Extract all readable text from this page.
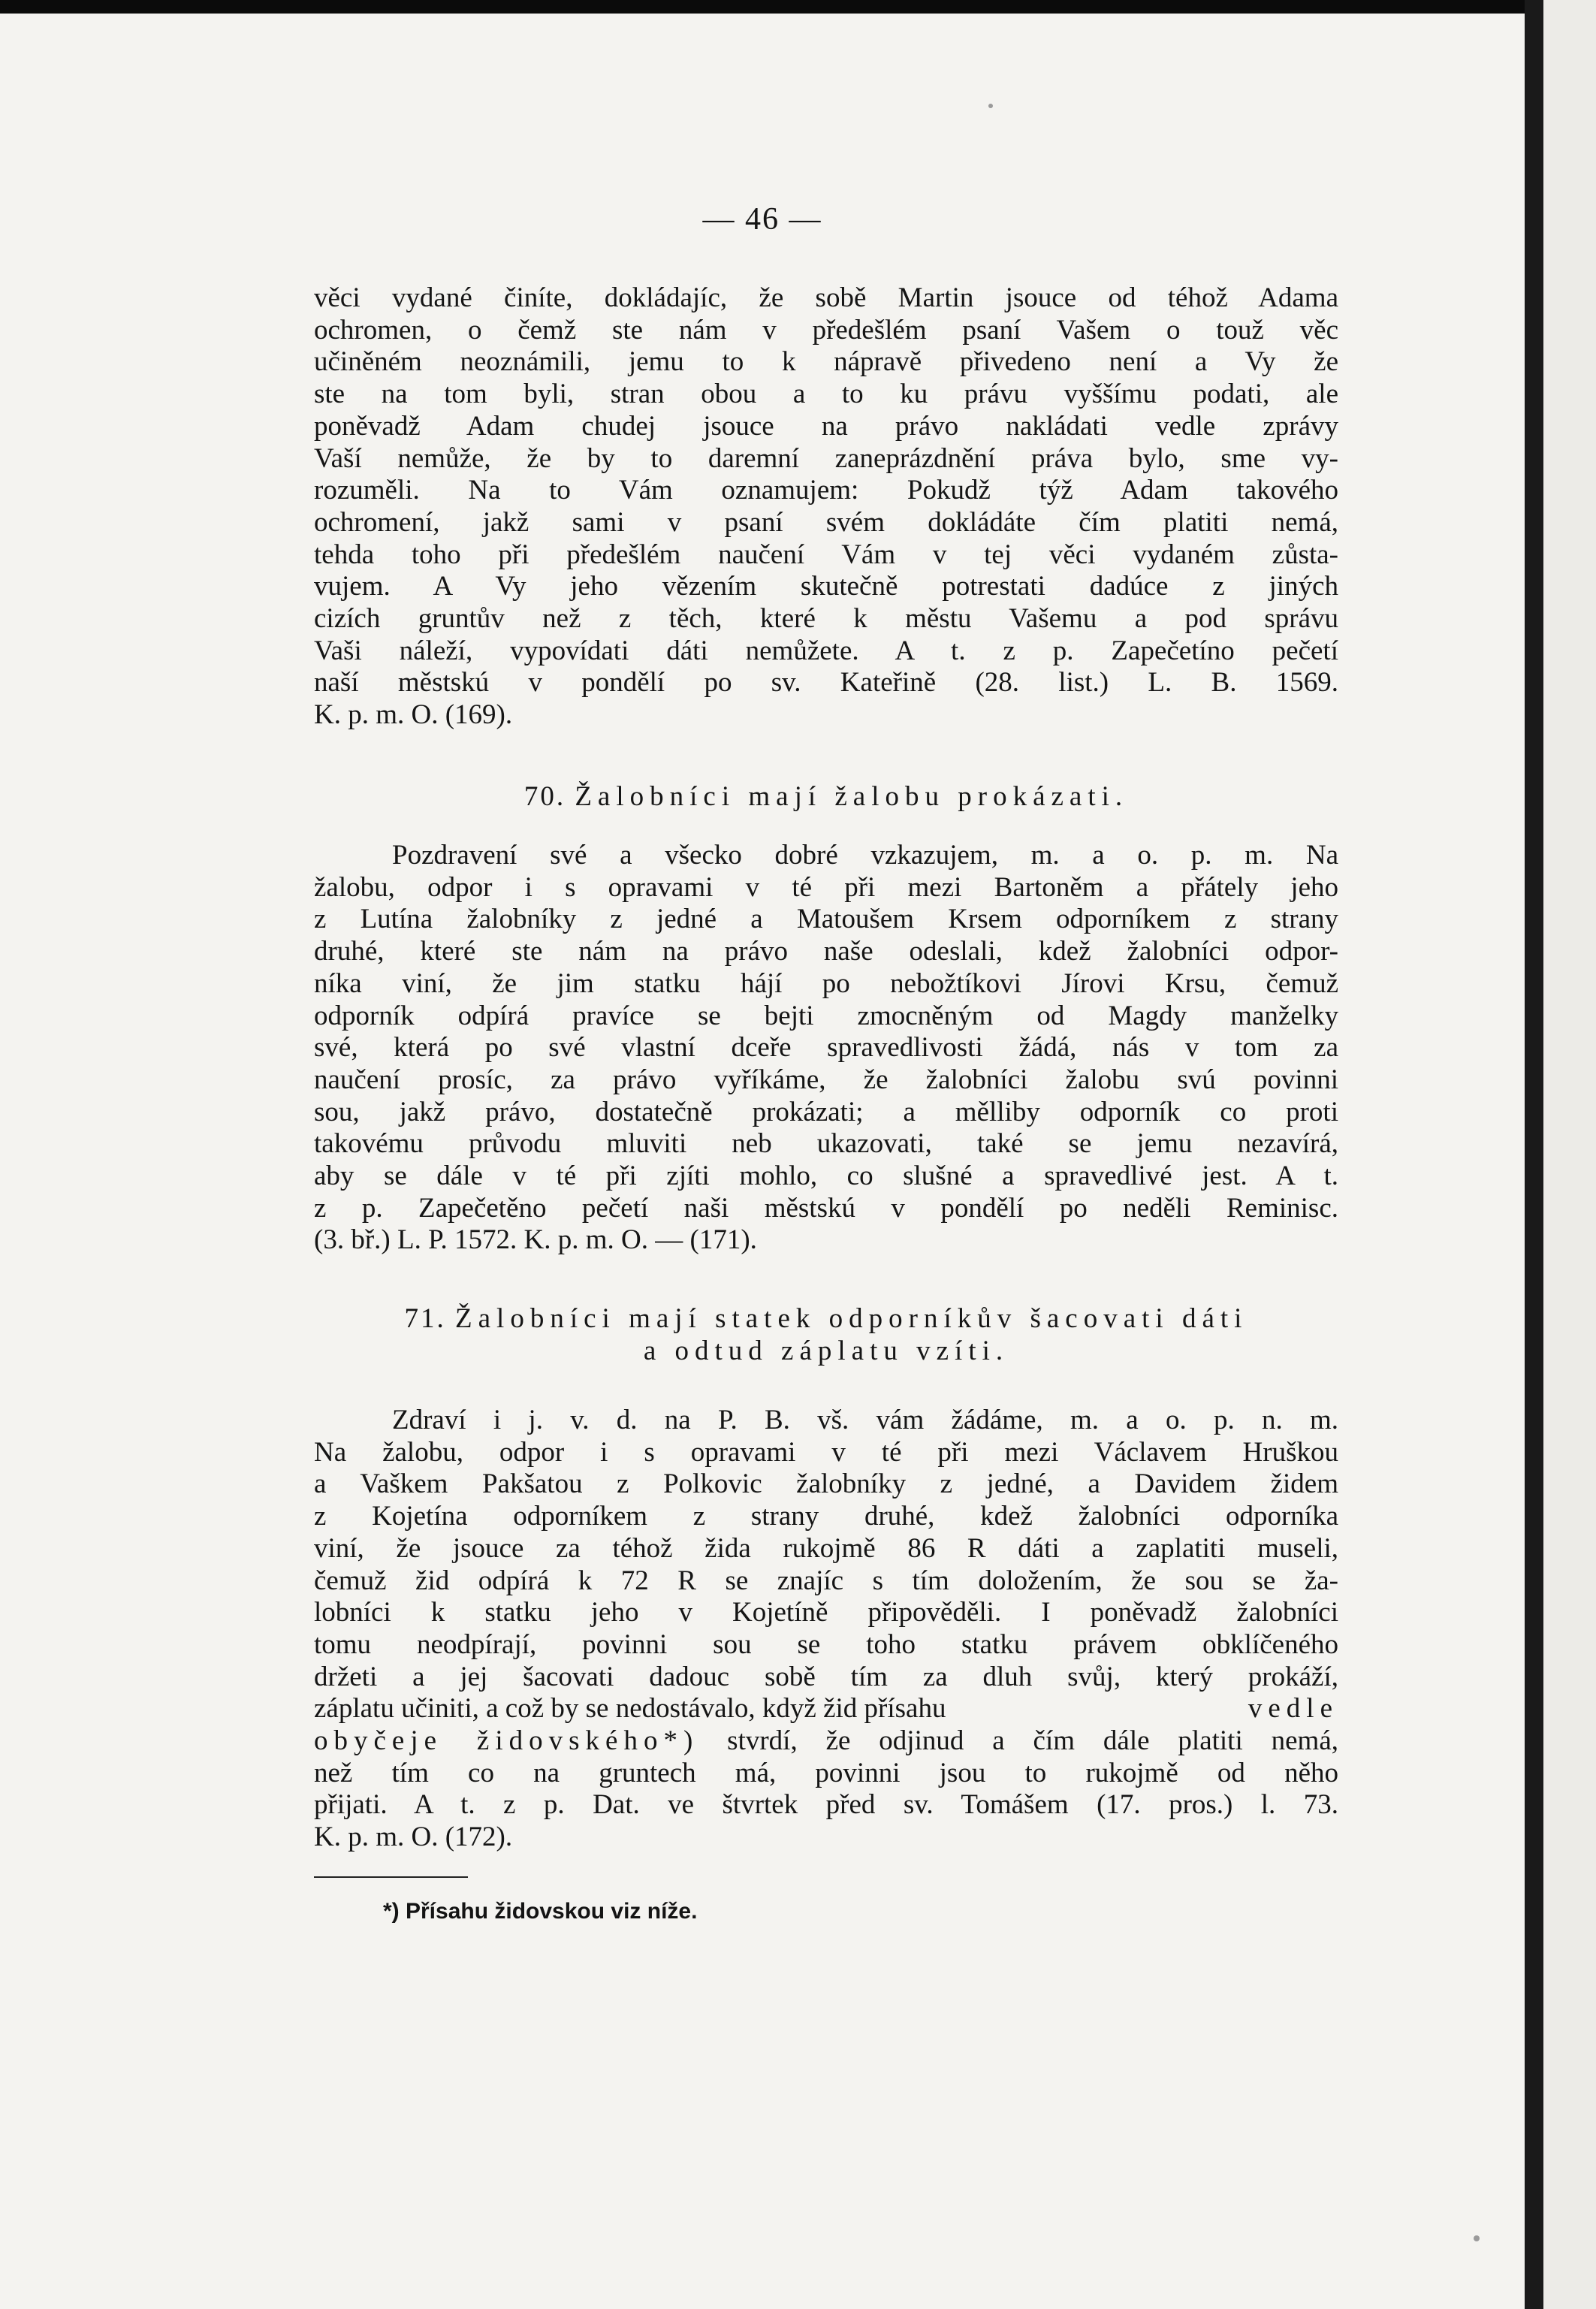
— 46 —
věci vydané činíte, dokládajíc, že sobě Martin jsouce od téhož Adama
ochromen, o čemž ste nám v předešlém psaní Vašem o touž věc
učiněném neoznámili, jemu to k nápravě přivedeno není a Vy že
ste na tom byli, stran obou a to ku právu vyššímu podati, ale
poněvadž Adam chudej jsouce na právo nakládati vedle zprávy
Vaší nemůže, že by to daremní zaneprázdnění práva bylo, sme vy-
rozuměli. Na to Vám oznamujem: Pokudž týž Adam takového
ochromení, jakž sami v psaní svém dokládáte čím platiti nemá,
tehda toho při předešlém naučení Vám v tej věci vydaném zůsta-
vujem. A Vy jeho vězením skutečně potrestati dadúce z jiných
cizích gruntův než z těch, které k městu Vašemu a pod správu
Vaši náleží, vypovídati dáti nemůžete. A t. z p. Zapečetíno pečetí
naší městskú v pondělí po sv. Kateřině (28. list.) L. B. 1569.
K. p. m. O. (169).
70. Žalobníci mají žalobu prokázati.
Pozdravení své a všecko dobré vzkazujem, m. a o. p. m. Na
žalobu, odpor i s opravami v té při mezi Bartoněm a přátely jeho
z Lutína žalobníky z jedné a Matoušem Krsem odporníkem z strany
druhé, které ste nám na právo naše odeslali, kdež žalobníci odpor-
níka viní, že jim statku hájí po nebožtíkovi Jírovi Krsu, čemuž
odporník odpírá pravíce se bejti zmocněným od Magdy manželky
své, která po své vlastní dceře spravedlivosti žádá, nás v tom za
naučení prosíc, za právo vyříkáme, že žalobníci žalobu svú povinni
sou, jakž právo, dostatečně prokázati; a měllibу odporník co proti
takovému průvodu mluviti neb ukazovati, také se jemu nezavírá,
aby se dále v té při zjíti mohlo, co slušné a spravedlivé jest. A t.
z p. Zapečetěno pečetí naši městskú v pondělí po neděli Reminisc.
(3. bř.) L. P. 1572. K. p. m. O. — (171).
71. Žalobníci mají statek odporníkův šacovati dáti
a odtud záplatu vzíti.
Zdraví i j. v. d. na P. B. vš. vám žádáme, m. a o. p. n. m.
Na žalobu, odpor i s opravami v té při mezi Václavem Hruškou
a Vaškem Pakšatou z Polkovic žalobníky z jedné, a Davidem židem
z Kojetína odporníkem z strany druhé, kdež žalobníci odporníka
viní, že jsouce za téhož žida rukojmě 86 R dáti a zaplatiti museli,
čemuž žid odpírá k 72 R se znajíc s tím doložením, že sou se ža-
lobníci k statku jeho v Kojetíně připověděli. I poněvadž žalobníci
tomu neodpírají, povinni sou se toho statku právem obklíčeného
držeti a jej šacovati dadouc sobě tím za dluh svůj, který prokáží,
záplatu učiniti, a což by se nedostávalo, když žid přísahu	vedle
obyčeje židovského*) stvrdí, že odjinud a čím dále platiti nemá,
než tím co na gruntech má, povinni jsou to rukojmě od něho
přijati. A t. z p. Dat. ve štvrtek před sv. Tomášem (17. pros.) l. 73.
K. p. m. O. (172).
*) Přísahu židovskou viz níže.
